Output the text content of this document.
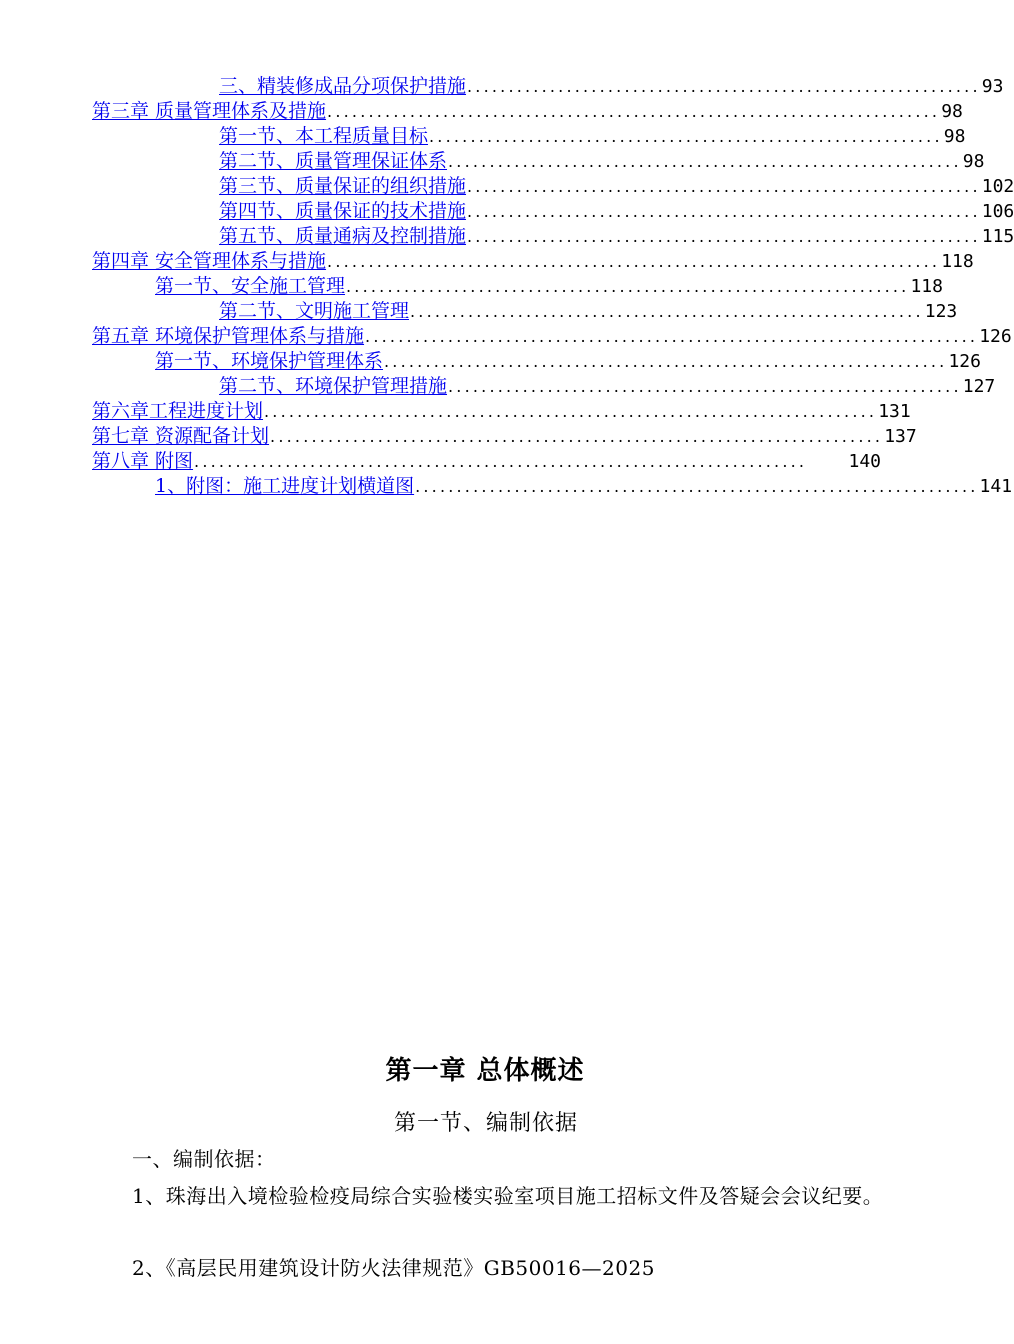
三、精装修成品分项保护措施 .............................................................. 93
第三章 质量管理体系及措施 .......................................................................... 98
第一节、本工程质量目标 .............................................................. 98
第二节、质量管理保证体系 .............................................................. 98
第三节、质量保证的组织措施 .............................................................. 102
第四节、质量保证的技术措施 .............................................................. 106
第五节、质量通病及控制措施 .............................................................. 115
第四章 安全管理体系与措施 .......................................................................... 118
第一节、安全施工管理 .................................................................... 118
第二节、文明施工管理 .............................................................. 123
第五章 环境保护管理体系与措施 .......................................................................... 126
第一节、环境保护管理体系 .................................................................... 126
第二节、环境保护管理措施 .............................................................. 127
第六章工程进度计划 .......................................................................... 131
第七章 资源配备计划 .......................................................................... 137
第八章 附图 ..........................................................................	140
1、附图：施工进度计划横道图 .................................................................... 141
第一章 总体概述
第一节、编制依据
一、编制依据：
1、珠海出入境检验检疫局综合实验楼实验室项目施工招标文件及答疑会会议纪要。
2、《高层民用建筑设计防火法律规范》GB50016—2025
